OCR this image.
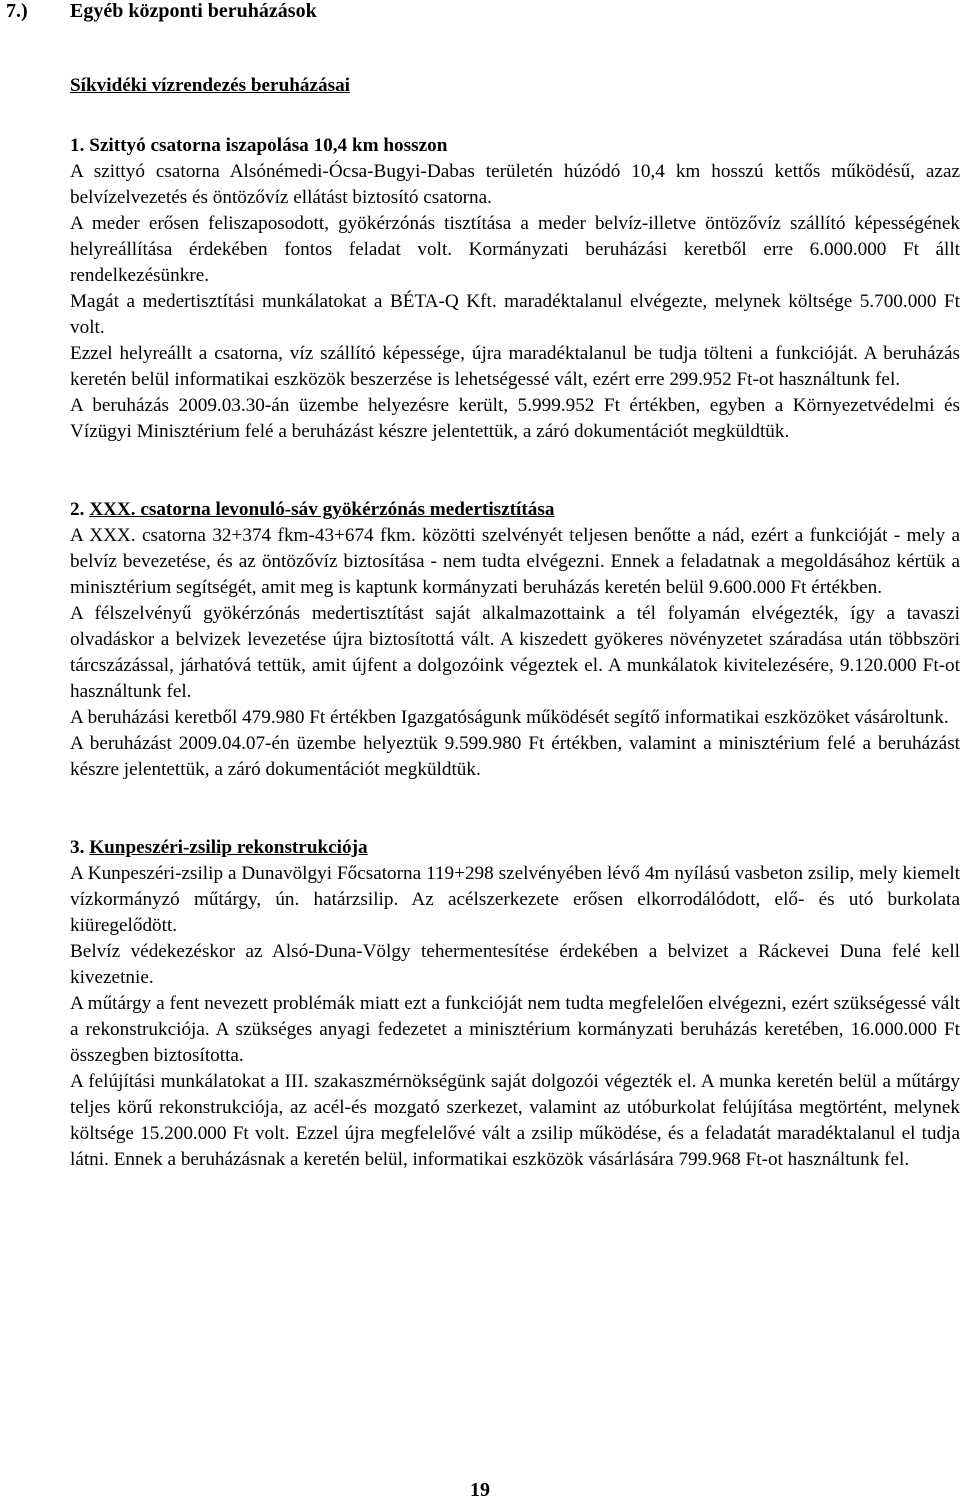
7.) Egyéb központi beruházások
Síkvidéki vízrendezés beruházásai
1. Szittyó csatorna iszapolása 10,4 km hosszon

A szittyó csatorna Alsónémedi-Ócsa-Bugyi-Dabas területén húzódó 10,4 km hosszú kettős működésű, azaz belvízelvezetés és öntözővíz ellátást biztosító csatorna.

A meder erősen feliszaposodott, gyökérzónás tisztítása a meder belvíz-illetve öntözővíz szállító képességének helyreállítása érdekében fontos feladat volt. Kormányzati beruházási keretből erre 6.000.000 Ft állt rendelkezésünkre.

Magát a medertisztítási munkálatokat a BÉTA-Q Kft. maradéktalanul elvégezte, melynek költsége 5.700.000 Ft volt.

Ezzel helyreállt a csatorna, víz szállító képessége, újra maradéktalanul be tudja tölteni a funkcióját. A beruházás keretén belül informatikai eszközök beszerzése is lehetségessé vált, ezért erre 299.952 Ft-ot használtunk fel.

A beruházás 2009.03.30-án üzembe helyezésre került, 5.999.952 Ft értékben, egyben a Környezetvédelmi és Vízügyi Minisztérium felé a beruházást készre jelentettük, a záró dokumentációt megküldtük.

2. XXX. csatorna levonuló-sáv gyökérzónás medertisztítása

A XXX. csatorna 32+374 fkm-43+674 fkm. közötti szelvényét teljesen benőtte a nád, ezért a funkcióját - mely a belvíz bevezetése, és az öntözővíz biztosítása - nem tudta elvégezni. Ennek a feladatnak a megoldásához kértük a minisztérium segítségét, amit meg is kaptunk kormányzati beruházás keretén belül 9.600.000 Ft értékben.

A félszelvényű gyökérzónás medertisztítást saját alkalmazottaink a tél folyamán elvégezték, így a tavaszi olvadáskor a belvizek levezetése újra biztosítottá vált. A kiszedett gyökeres növényzetet száradása után többszöri tárcszázással, járhatóvá tettük, amit újfent a dolgozóink végeztek el. A munkálatok kivitelezésére, 9.120.000 Ft-ot használtunk fel.

A beruházási keretből 479.980 Ft értékben Igazgatóságunk működését segítő informatikai eszközöket vásároltunk.

A beruházást 2009.04.07-én üzembe helyeztük 9.599.980 Ft értékben, valamint a minisztérium felé a beruházást készre jelentettük, a záró dokumentációt megküldtük.

3. Kunpeszéri-zsilip rekonstrukciója

A Kunpeszéri-zsilip a Dunavölgyi Főcsatorna 119+298 szelvényében lévő 4m nyílású vasbeton zsilip, mely kiemelt vízkormányzó műtárgy, ún. határzsilip. Az acélszerkezete erősen elkorrodálódott, elő- és utó burkolata kiüregelődött.

Belvíz védekezéskor az Alsó-Duna-Völgy tehermentesítése érdekében a belvizet a Ráckevei Duna felé kell kivezetnie.

A műtárgy a fent nevezett problémák miatt ezt a funkcióját nem tudta megfelelően elvégezni, ezért szükségessé vált a rekonstrukciója. A szükséges anyagi fedezetet a minisztérium kormányzati beruházás keretében, 16.000.000 Ft összegben biztosította.

A felújítási munkálatokat a III. szakaszmérnökségünk saját dolgozói végezték el. A munka keretén belül a műtárgy teljes körű rekonstrukciója, az acél-és mozgató szerkezet, valamint az utóburkolat felújítása megtörtént, melynek költsége 15.200.000 Ft volt. Ezzel újra megfelelővé vált a zsilip működése, és a feladatát maradéktalanul el tudja látni. Ennek a beruházásnak a keretén belül, informatikai eszközök vásárlására 799.968 Ft-ot használtunk fel.

19
